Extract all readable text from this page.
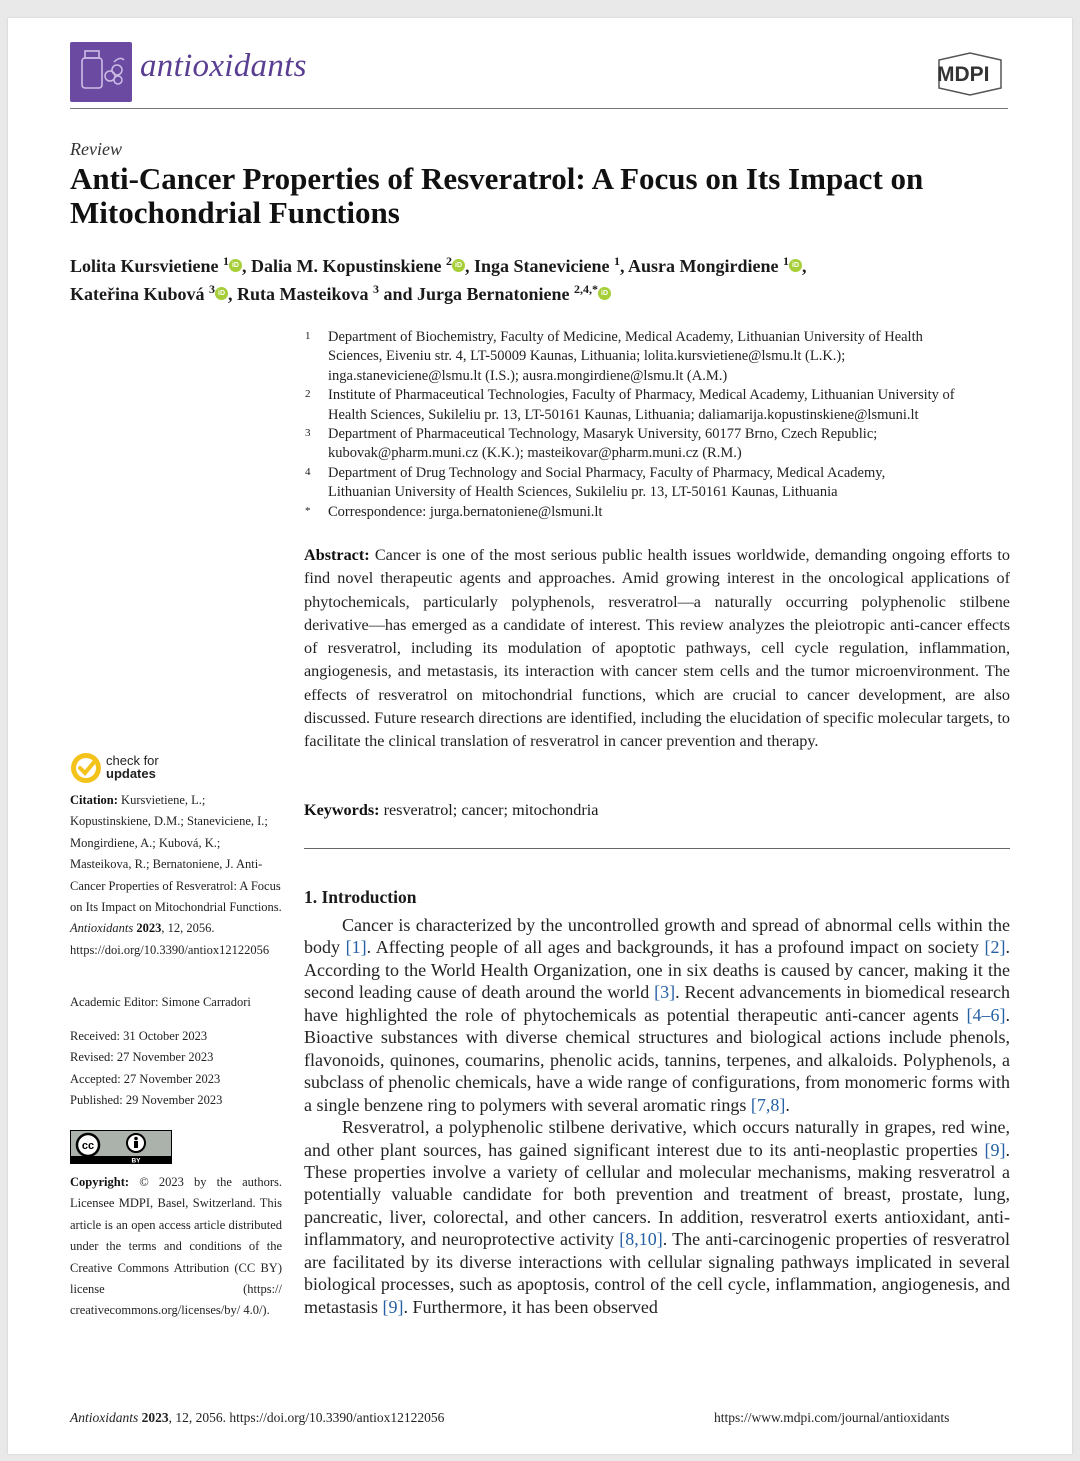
antioxidants	MDPI
Review
Anti-Cancer Properties of Resveratrol: A Focus on Its Impact on Mitochondrial Functions
Lolita Kursvietiene $^1$ iD , Dalia M. Kopustinskiene $^2$ iD , Inga Staneviciene $^1$, Ausra Mongirdiene $^1$ iD ,
Kateřina Kubová $^3$ iD , Ruta Masteikova $^3$ and Jurga Bernatoniene $^{2,4,*}$ iD
1 Department of Biochemistry, Faculty of Medicine, Medical Academy, Lithuanian University of Health
Sciences, Eiveniu str. 4, LT-50009 Kaunas, Lithuania; lolita.kursvietiene@lsmu.lt (L.K.);
inga.staneviciene@lsmu.lt (I.S.); ausra.mongirdiene@lsmu.lt (A.M.)
2 Institute of Pharmaceutical Technologies, Faculty of Pharmacy, Medical Academy, Lithuanian University of
Health Sciences, Sukileliu pr. 13, LT-50161 Kaunas, Lithuania; daliamarija.kopustinskiene@lsmuni.lt
3 Department of Pharmaceutical Technology, Masaryk University, 60177 Brno, Czech Republic;
kubovak@pharm.muni.cz (K.K.); masteikovar@pharm.muni.cz (R.M.)
4 Department of Drug Technology and Social Pharmacy, Faculty of Pharmacy, Medical Academy,
Lithuanian University of Health Sciences, Sukileliu pr. 13, LT-50161 Kaunas, Lithuania
* Correspondence: jurga.bernatoniene@lsmuni.lt
Abstract: Cancer is one of the most serious public health issues worldwide, demanding ongoing efforts to find novel therapeutic agents and approaches. Amid growing interest in the oncological applications of phytochemicals, particularly polyphenols, resveratrol—a naturally occurring polyphenolic stilbene derivative—has emerged as a candidate of interest. This review analyzes the pleiotropic anti-cancer effects of resveratrol, including its modulation of apoptotic pathways, cell cycle regulation, inflammation, angiogenesis, and metastasis, its interaction with cancer stem cells and the tumor microenvironment. The effects of resveratrol on mitochondrial functions, which are crucial to cancer development, are also discussed. Future research directions are identified, including the elucidation of specific molecular targets, to facilitate the clinical translation of resveratrol in cancer prevention and therapy.
Keywords: resveratrol; cancer; mitochondria
1. Introduction

Cancer is characterized by the uncontrolled growth and spread of abnormal cells within the body [1]. Affecting people of all ages and backgrounds, it has a profound impact on society [2]. According to the World Health Organization, one in six deaths is caused by cancer, making it the second leading cause of death around the world [3]. Recent advancements in biomedical research have highlighted the role of phytochemicals as potential therapeutic anti-cancer agents [4–6]. Bioactive substances with diverse chemical structures and biological actions include phenols, flavonoids, quinones, coumarins, phenolic acids, tannins, terpenes, and alkaloids. Polyphenols, a subclass of phenolic chemicals, have a wide range of configurations, from monomeric forms with a single benzene ring to polymers with several aromatic rings [7,8].

Resveratrol, a polyphenolic stilbene derivative, which occurs naturally in grapes, red wine, and other plant sources, has gained significant interest due to its anti-neoplastic properties [9]. These properties involve a variety of cellular and molecular mechanisms, making resveratrol a potentially valuable candidate for both prevention and treatment of breast, prostate, lung, pancreatic, liver, colorectal, and other cancers. In addition, resveratrol exerts antioxidant, anti-inflammatory, and neuroprotective activity [8,10]. The anti-carcinogenic properties of resveratrol are facilitated by its diverse interactions with cellular signaling pathways implicated in several biological processes, such as apoptosis, control of the cell cycle, inflammation, angiogenesis, and metastasis [9]. Furthermore, it has been observed

check for
updates
Citation: Kursvietiene, L.; Kopustinskiene, D.M.; Staneviciene, I.; Mongirdiene, A.; Kubová, K.; Masteikova, R.; Bernatoniene, J. Anti-Cancer Properties of Resveratrol: A Focus on Its Impact on Mitochondrial Functions. Antioxidants 2023, 12, 2056. https://doi.org/10.3390/antiox12122056
Academic Editor: Simone Carradori
Received: 31 October 2023
Revised: 27 November 2023
Accepted: 27 November 2023
Published: 29 November 2023
cc
BY
Copyright: © 2023 by the authors. Licensee MDPI, Basel, Switzerland. This article is an open access article distributed under the terms and conditions of the Creative Commons Attribution (CC BY) license (https:// creativecommons.org/licenses/by/ 4.0/).
Antioxidants 2023, 12, 2056. https://doi.org/10.3390/antiox12122056	https://www.mdpi.com/journal/antioxidants
